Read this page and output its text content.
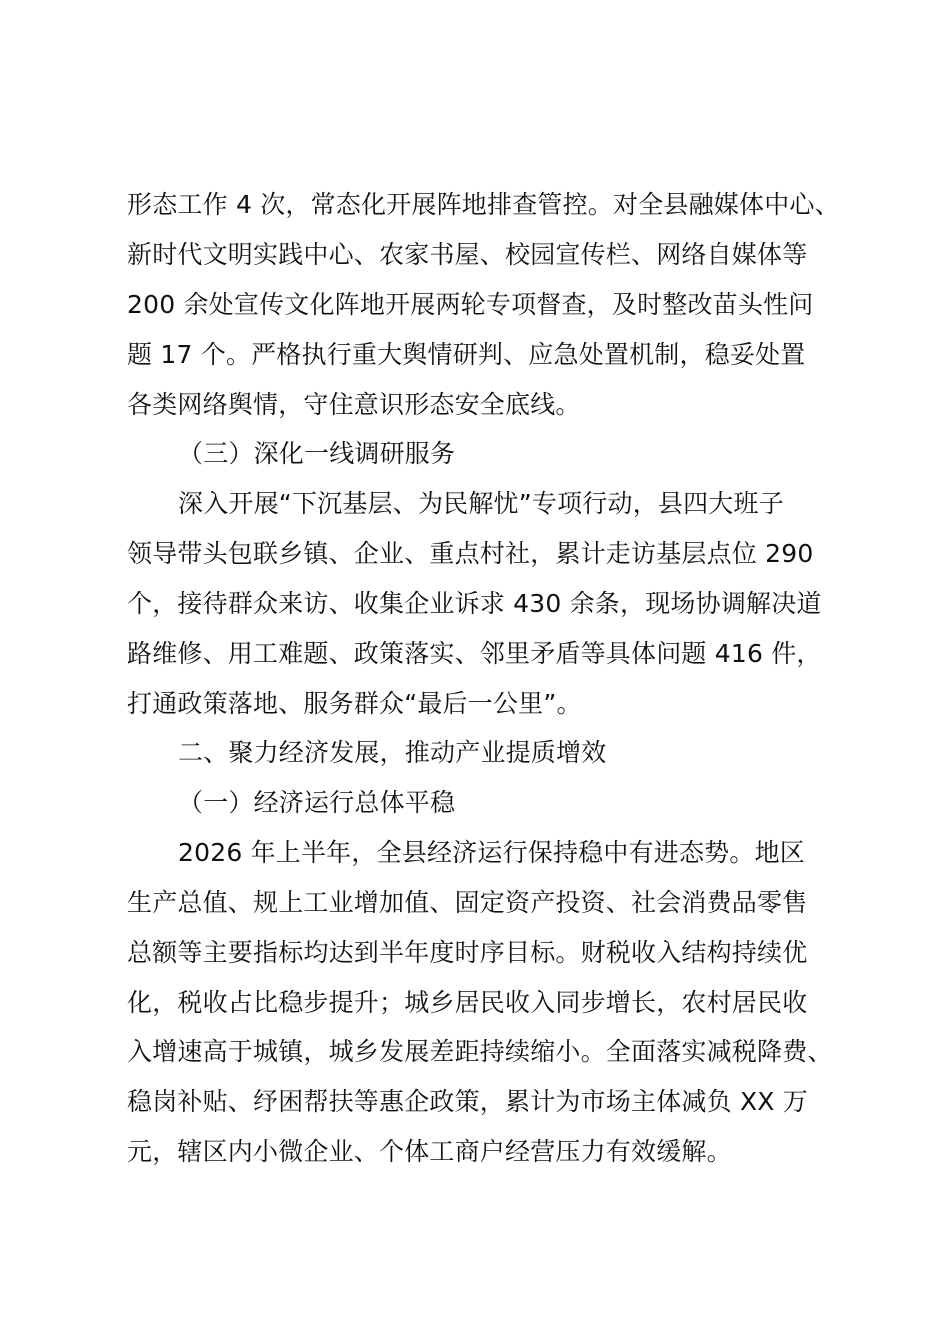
形态工作 4 次，常态化开展阵地排查管控。对全县融媒体中心、
新时代文明实践中心、农家书屋、校园宣传栏、网络自媒体等
200 余处宣传文化阵地开展两轮专项督查，及时整改苗头性问
题 17 个。严格执行重大舆情研判、应急处置机制，稳妥处置
各类网络舆情，守住意识形态安全底线。
（三）深化一线调研服务
深入开展“下沉基层、为民解忧”专项行动，县四大班子
领导带头包联乡镇、企业、重点村社，累计走访基层点位 290
个，接待群众来访、收集企业诉求 430 余条，现场协调解决道
路维修、用工难题、政策落实、邻里矛盾等具体问题 416 件，
打通政策落地、服务群众“最后一公里”。
二、聚力经济发展，推动产业提质增效
（一）经济运行总体平稳
2026 年上半年，全县经济运行保持稳中有进态势。地区
生产总值、规上工业增加值、固定资产投资、社会消费品零售
总额等主要指标均达到半年度时序目标。财税收入结构持续优
化，税收占比稳步提升；城乡居民收入同步增长，农村居民收
入增速高于城镇，城乡发展差距持续缩小。全面落实减税降费、
稳岗补贴、纾困帮扶等惠企政策，累计为市场主体减负 XX 万
元，辖区内小微企业、个体工商户经营压力有效缓解。
